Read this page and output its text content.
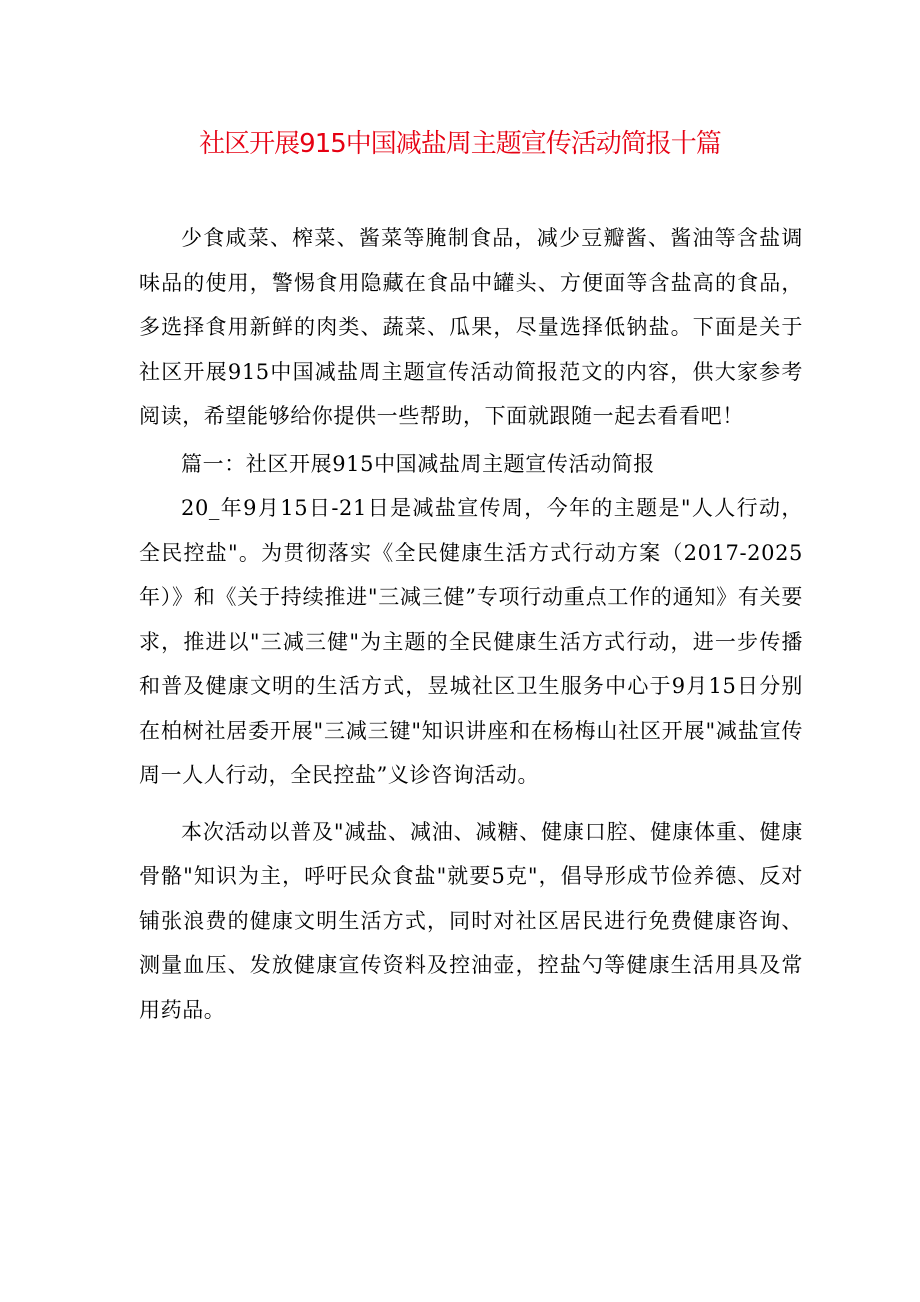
社区开展915中国减盐周主题宣传活动简报十篇

少食咸菜、榨菜、酱菜等腌制食品，减少豆瓣酱、酱油等含盐调味品的使用，警惕食用隐藏在食品中罐头、方便面等含盐高的食品，多选择食用新鲜的肉类、蔬菜、瓜果，尽量选择低钠盐。下面是关于社区开展915中国减盐周主题宣传活动简报范文的内容，供大家参考阅读，希望能够给你提供一些帮助，下面就跟随一起去看看吧！

篇一：社区开展915中国减盐周主题宣传活动简报

20_年9月15日-21日是减盐宣传周，今年的主题是"人人行动，全民控盐"。为贯彻落实《全民健康生活方式行动方案（2017-2025年）》和《关于持续推进"三减三健”专项行动重点工作的通知》有关要求，推进以"三减三健"为主题的全民健康生活方式行动，进一步传播和普及健康文明的生活方式，昱城社区卫生服务中心于9月15日分别在柏树社居委开展"三减三键"知识讲座和在杨梅山社区开展"减盐宣传周一人人行动，全民控盐”义诊咨询活动。

本次活动以普及"减盐、减油、减糖、健康口腔、健康体重、健康骨骼"知识为主，呼吁民众食盐"就要5克"，倡导形成节俭养德、反对铺张浪费的健康文明生活方式，同时对社区居民进行免费健康咨询、测量血压、发放健康宣传资料及控油壶，控盐勺等健康生活用具及常用药品。
